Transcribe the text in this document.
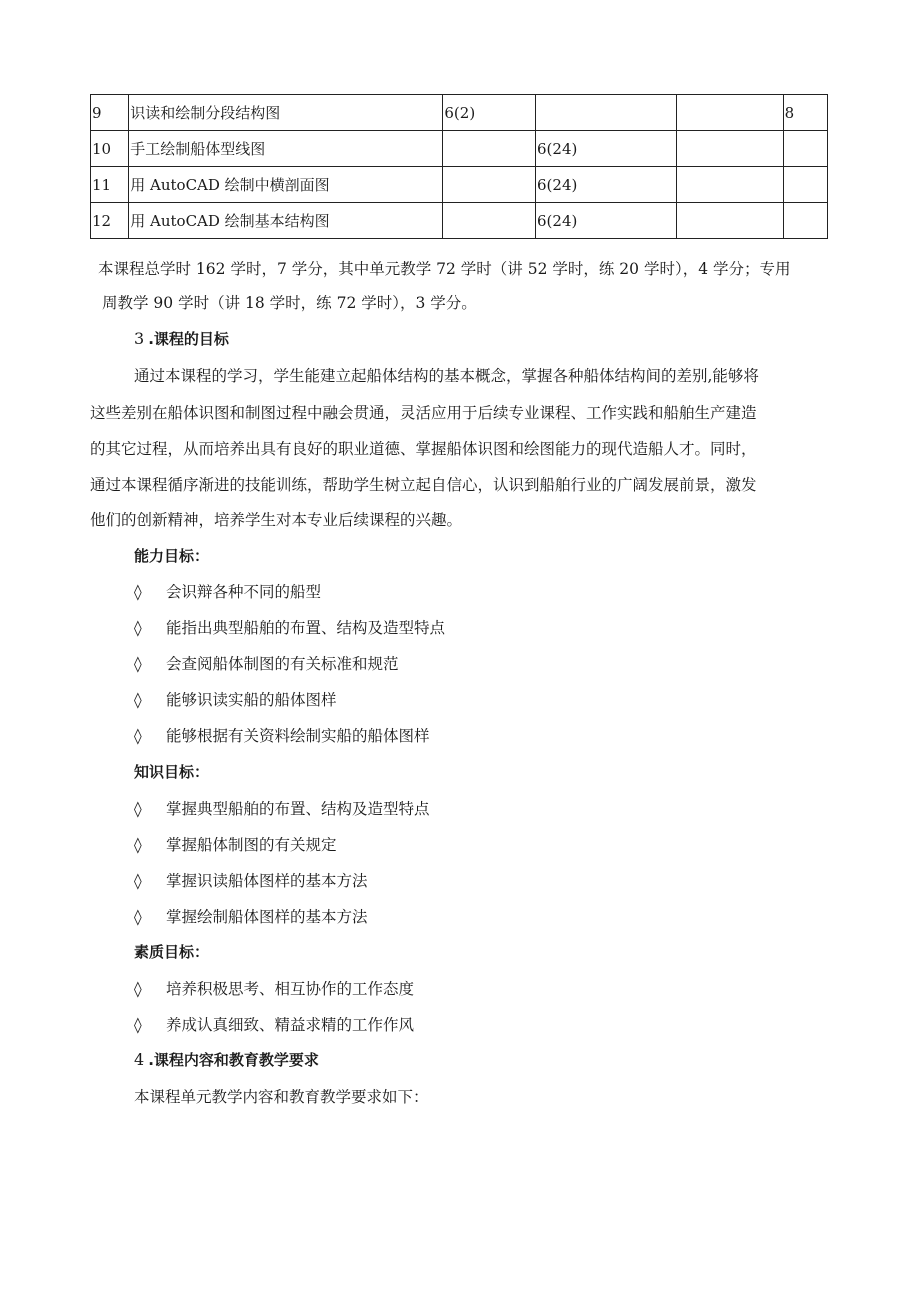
9	识读和绘制分段结构图	6(2)			8
10	手工绘制船体型线图		6(24)		
11	用 AutoCAD 绘制中横剖面图		6(24)		
12	用 AutoCAD 绘制基本结构图		6(24)		
本课程总学时 162 学时，7 学分，其中单元教学 72 学时（讲 52 学时，练 20 学时），4 学分；专用
周教学 90 学时（讲 18 学时，练 72 学时），3 学分。
3 .课程的目标
通过本课程的学习，学生能建立起船体结构的基本概念，掌握各种船体结构间的差别,能够将
这些差别在船体识图和制图过程中融会贯通，灵活应用于后续专业课程、工作实践和船舶生产建造
的其它过程，从而培养出具有良好的职业道德、掌握船体识图和绘图能力的现代造船人才。同时，
通过本课程循序渐进的技能训练，帮助学生树立起自信心，认识到船舶行业的广阔发展前景，激发
他们的创新精神，培养学生对本专业后续课程的兴趣。
能力目标：
◊ 会识辩各种不同的船型
◊ 能指出典型船舶的布置、结构及造型特点
◊ 会查阅船体制图的有关标准和规范
◊ 能够识读实船的船体图样
◊ 能够根据有关资料绘制实船的船体图样
知识目标：
◊ 掌握典型船舶的布置、结构及造型特点
◊ 掌握船体制图的有关规定
◊ 掌握识读船体图样的基本方法
◊ 掌握绘制船体图样的基本方法
素质目标：
◊ 培养积极思考、相互协作的工作态度
◊ 养成认真细致、精益求精的工作作风
4 .课程内容和教育教学要求
本课程单元教学内容和教育教学要求如下：
